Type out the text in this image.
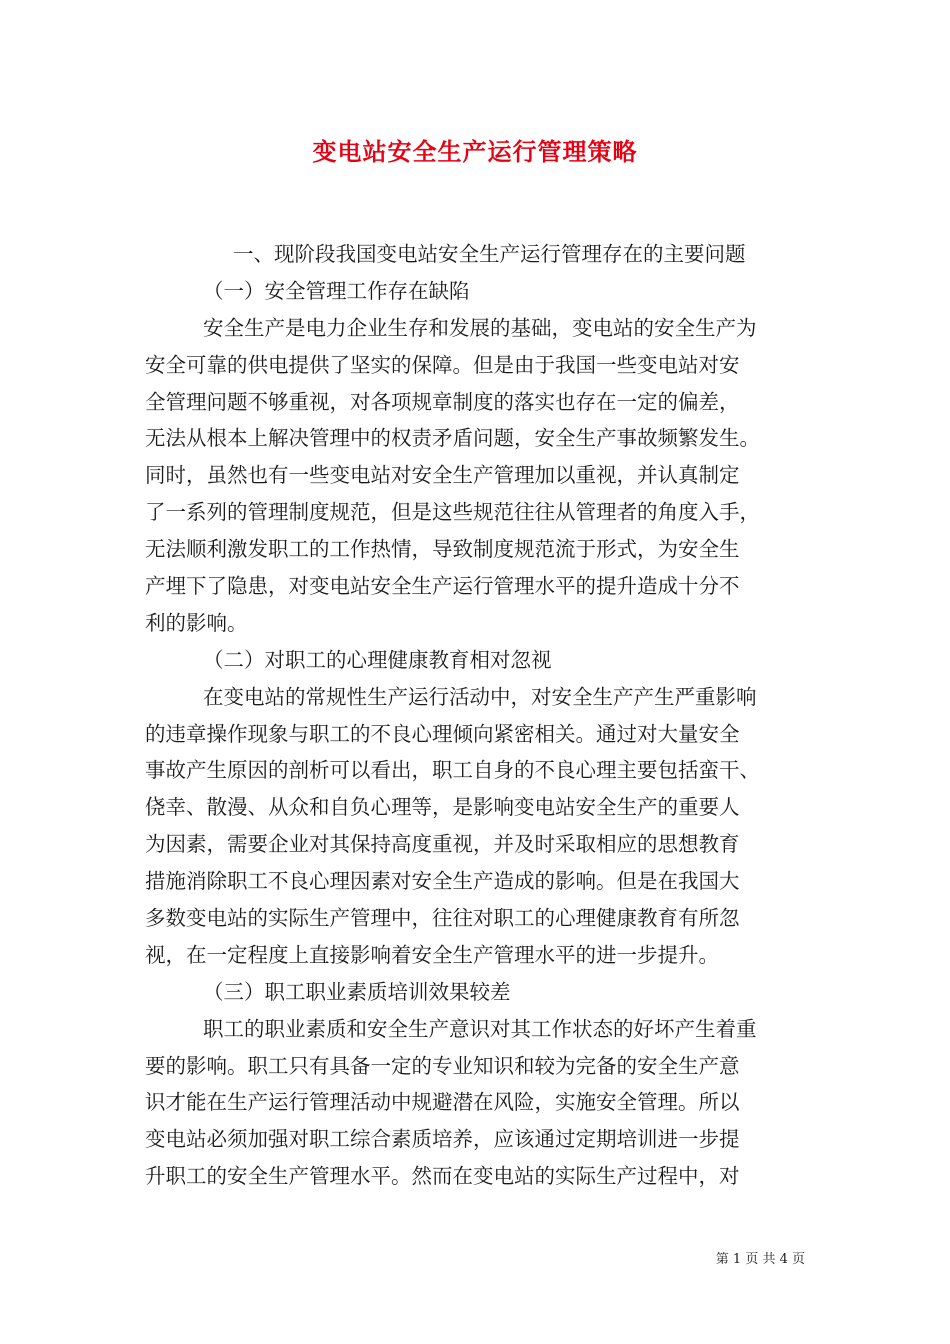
变电站安全生产运行管理策略
一、现阶段我国变电站安全生产运行管理存在的主要问题
（一）安全管理工作存在缺陷
安全生产是电力企业生存和发展的基础，变电站的安全生产为
安全可靠的供电提供了坚实的保障。但是由于我国一些变电站对安
全管理问题不够重视，对各项规章制度的落实也存在一定的偏差，
无法从根本上解决管理中的权责矛盾问题，安全生产事故频繁发生。
同时，虽然也有一些变电站对安全生产管理加以重视，并认真制定
了一系列的管理制度规范，但是这些规范往往从管理者的角度入手，
无法顺利激发职工的工作热情，导致制度规范流于形式，为安全生
产埋下了隐患，对变电站安全生产运行管理水平的提升造成十分不
利的影响。
（二）对职工的心理健康教育相对忽视
在变电站的常规性生产运行活动中，对安全生产产生严重影响
的违章操作现象与职工的不良心理倾向紧密相关。通过对大量安全
事故产生原因的剖析可以看出，职工自身的不良心理主要包括蛮干、
侥幸、散漫、从众和自负心理等，是影响变电站安全生产的重要人
为因素，需要企业对其保持高度重视，并及时采取相应的思想教育
措施消除职工不良心理因素对安全生产造成的影响。但是在我国大
多数变电站的实际生产管理中，往往对职工的心理健康教育有所忽
视，在一定程度上直接影响着安全生产管理水平的进一步提升。
（三）职工职业素质培训效果较差
职工的职业素质和安全生产意识对其工作状态的好坏产生着重
要的影响。职工只有具备一定的专业知识和较为完备的安全生产意
识才能在生产运行管理活动中规避潜在风险，实施安全管理。所以
变电站必须加强对职工综合素质培养，应该通过定期培训进一步提
升职工的安全生产管理水平。然而在变电站的实际生产过程中，对
第 1 页 共 4 页
